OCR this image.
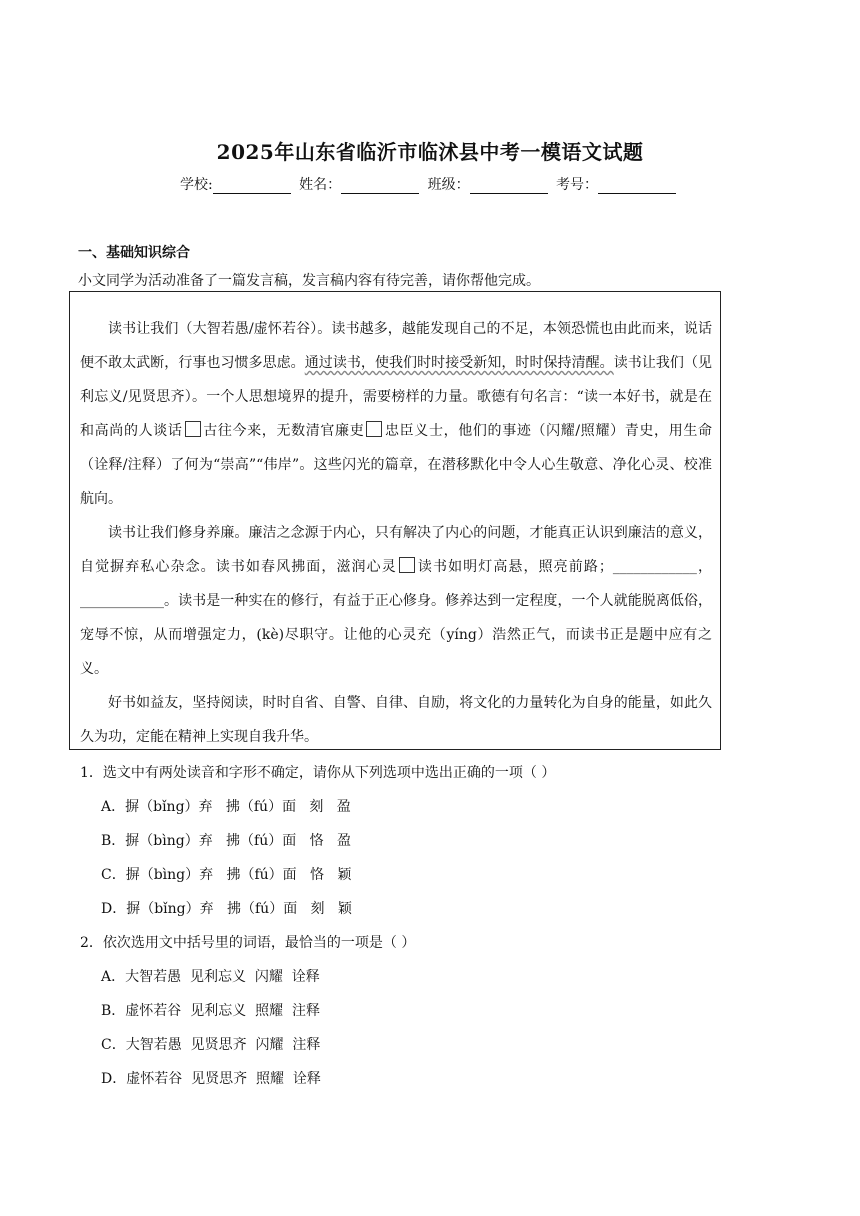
2025年山东省临沂市临沭县中考一模语文试题
学校:	姓名：	班级：	考号：
一、基础知识综合
小文同学为活动准备了一篇发言稿，发言稿内容有待完善，请你帮他完成。

读书让我们（大智若愚/虚怀若谷）。读书越多，越能发现自己的不足，本领恐慌也由此而来，说话便不敢太武断，行事也习惯多思虑。通过读书，使我们时时接受新知，时时保持清醒。读书让我们（见利忘义/见贤思齐）。一个人思想境界的提升，需要榜样的力量。歌德有句名言：“读一本好书，就是在和高尚的人谈话 古往今来，无数清官廉吏 忠臣义士，他们的事迹（闪耀/照耀）青史，用生命（诠释/注释）了何为“崇高”“伟岸”。这些闪光的篇章，在潜移默化中令人心生敬意、净化心灵、校准航向。

读书让我们修身养廉。廉洁之念源于内心，只有解决了内心的问题，才能真正认识到廉洁的意义，自觉摒弃私心杂念。读书如春风拂面，滋润心灵 读书如明灯高悬，照亮前路；____________，____________。读书是一种实在的修行，有益于正心修身。修养达到一定程度，一个人就能脱离低俗，宠辱不惊，从而增强定力，(kè)尽职守。让他的心灵充（yíng）浩然正气，而读书正是题中应有之义。

好书如益友，坚持阅读，时时自省、自警、自律、自励，将文化的力量转化为自身的能量，如此久久为功，定能在精神上实现自我升华。

1．选文中有两处读音和字形不确定，请你从下列选项中选出正确的一项（ ）
A．摒（bǐng）弃   拂（fú）面   刻   盈
B．摒（bìng）弃   拂（fú）面   恪   盈
C．摒（bìng）弃   拂（fú）面   恪   颖
D．摒（bǐng）弃   拂（fú）面   刻   颖
2．依次选用文中括号里的词语，最恰当的一项是（ ）
A．大智若愚  见利忘义  闪耀  诠释
B．虚怀若谷  见利忘义  照耀  注释
C．大智若愚  见贤思齐  闪耀  注释
D．虚怀若谷  见贤思齐  照耀  诠释
